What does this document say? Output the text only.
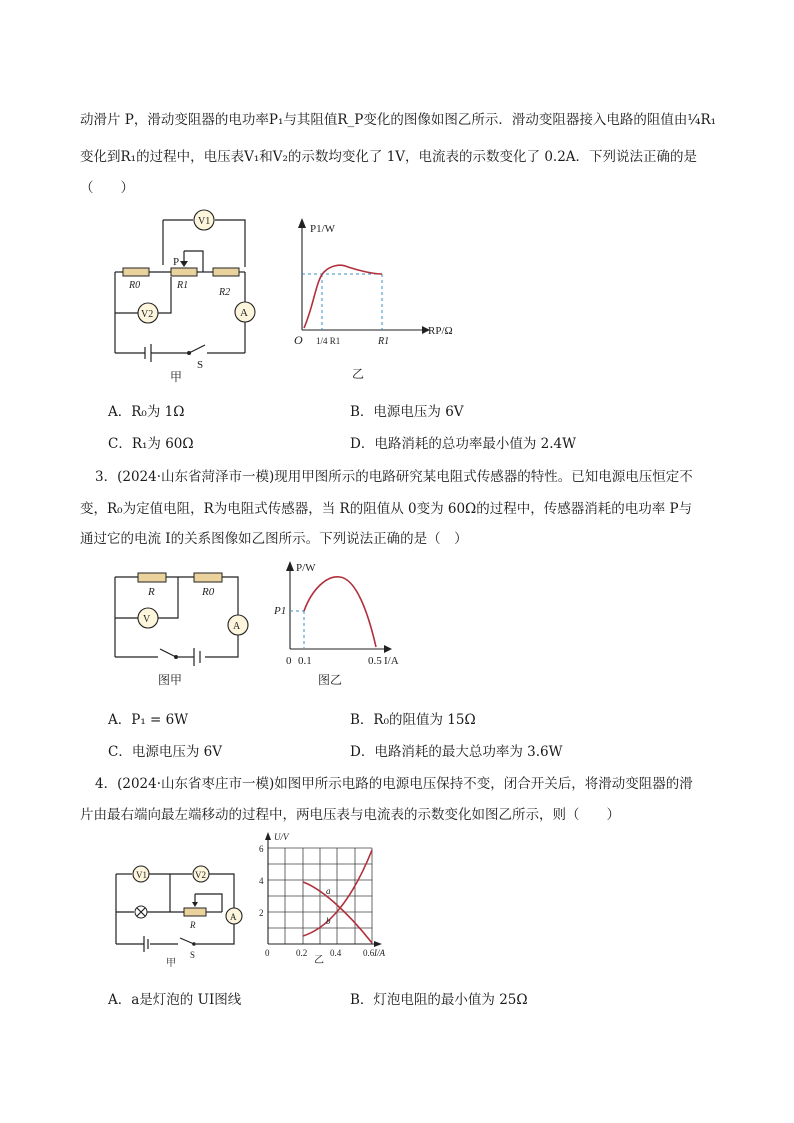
动滑片 P，滑动变阻器的电功率P₁与其阻值R_P变化的图像如图乙所示．滑动变阻器接入电路的阻值由¼R₁
变化到R₁的过程中，电压表V₁和V₂的示数均变化了 1V，电流表的示数变化了 0.2A．下列说法正确的是
（　　）
V1
P
R0	R1
R2
V2	A
S
甲
P1/W
RP/Ω
O 1/4 R1	R1
乙
A．R₀为 1Ω	B．电源电压为 6V
C．R₁为 60Ω	D．电路消耗的总功率最小值为 2.4W
3．(2024·山东省菏泽市一模)现用甲图所示的电路研究某电阻式传感器的特性。已知电源电压恒定不
变，R₀为定值电阻，R为电阻式传感器，当 R的阻值从 0变为 60Ω的过程中，传感器消耗的电功率 P与
通过它的电流 I的关系图像如乙图所示。下列说法正确的是（　）
R	R0
V
A
图甲
P/W
I/A
P1
0 0.1	0.5
图乙
A．P₁ = 6W	B．R₀的阻值为 15Ω
C．电源电压为 6V	D．电路消耗的最大总功率为 3.6W
4．(2024·山东省枣庄市一模)如图甲所示电路的电源电压保持不变，闭合开关后，将滑动变阻器的滑
片由最右端向最左端移动的过程中，两电压表与电流表的示数变化如图乙所示，则（　　）
V1	V2
R
A
S
甲
U/V
I/A
6
4
2
0	0.2	0.4 0.6
a
b
乙
A．a是灯泡的 UI图线	B．灯泡电阻的最小值为 25Ω
